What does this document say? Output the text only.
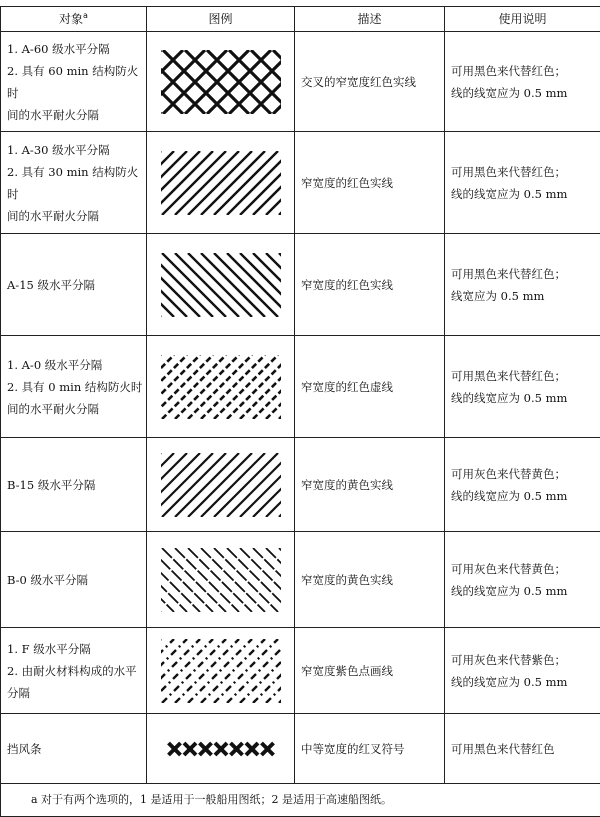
对象$^a$	图例	描述	使用说明

1. A-60 级水平分隔
2. 具有 60 min 结构防火时
间的水平耐火分隔		交叉的窄宽度红色实线	可用黑色来代替红色；
线的线宽应为 0.5 mm

1. A-30 级水平分隔
2. 具有 30 min 结构防火时
间的水平耐火分隔		窄宽度的红色实线	可用黑色来代替红色；
线的线宽应为 0.5 mm

A-15 级水平分隔		窄宽度的红色实线	可用黑色来代替红色；
线宽应为 0.5 mm

1. A-0 级水平分隔
2. 具有 0 min 结构防火时
间的水平耐火分隔		窄宽度的红色虚线	可用黑色来代替红色；
线的线宽应为 0.5 mm

B-15 级水平分隔		窄宽度的黄色实线	可用灰色来代替黄色；
线的线宽应为 0.5 mm

B-0 级水平分隔		窄宽度的黄色实线	可用灰色来代替黄色；
线的线宽应为 0.5 mm

1. F 级水平分隔
2. 由耐火材料构成的水平
分隔		窄宽度紫色点画线	可用灰色来代替紫色；
线的线宽应为 0.5 mm

挡风条		中等宽度的红叉符号	可用黑色来代替红色

a 对于有两个选项的，1 是适用于一般船用图纸；2 是适用于高速船图纸。			
